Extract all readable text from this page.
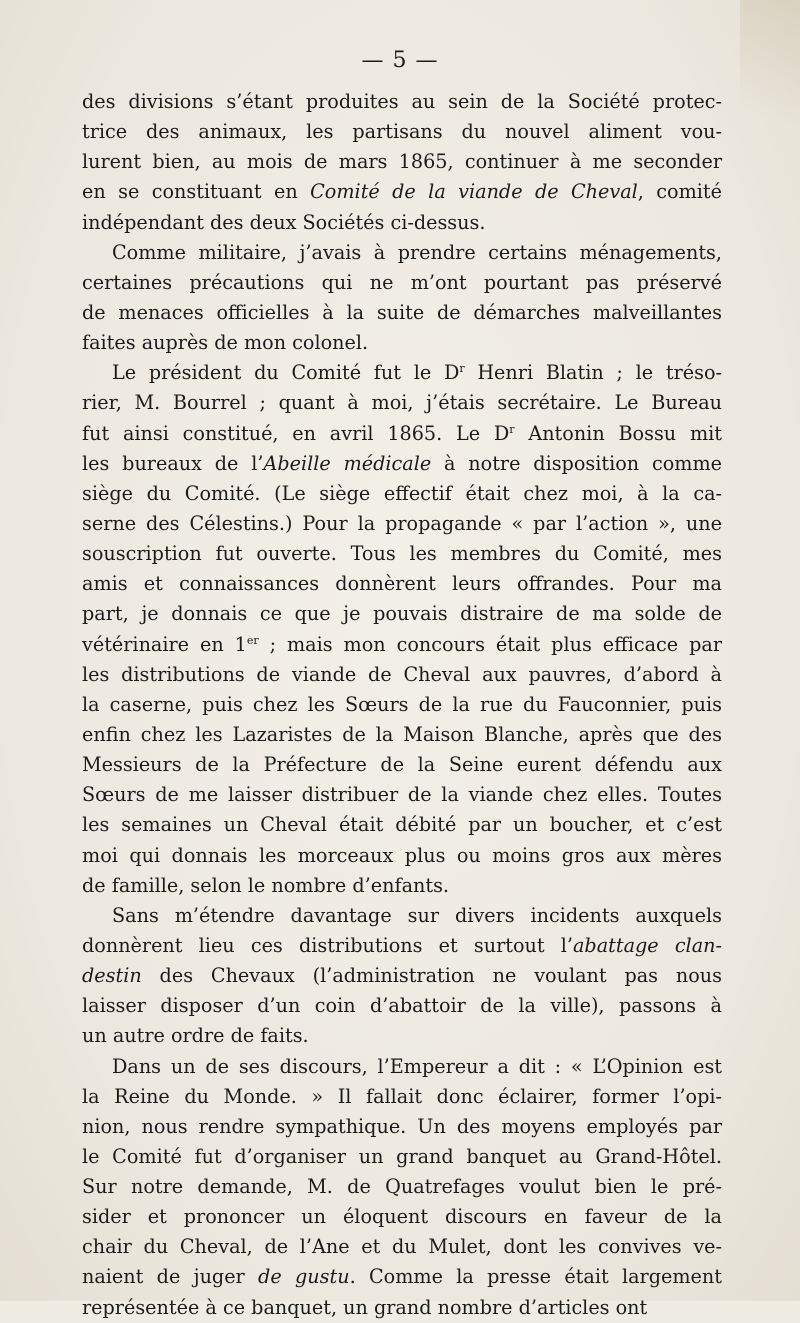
— 5 —
des divisions s’étant produites au sein de la Société protec-
trice des animaux, les partisans du nouvel aliment vou-
lurent bien, au mois de mars 1865, continuer à me seconder
en se constituant en Comité de la viande de Cheval, comité
indépendant des deux Sociétés ci-dessus.
Comme militaire, j’avais à prendre certains ménagements,
certaines précautions qui ne m’ont pourtant pas préservé
de menaces officielles à la suite de démarches malveillantes
faites auprès de mon colonel.
Le président du Comité fut le $D^r$ Henri Blatin ; le tréso-
rier, M. Bourrel ; quant à moi, j’étais secrétaire. Le Bureau
fut ainsi constitué, en avril 1865. Le $D^r$ Antonin Bossu mit
les bureaux de l’Abeille médicale à notre disposition comme
siège du Comité. (Le siège effectif était chez moi, à la ca-
serne des Célestins.) Pour la propagande « par l’action », une
souscription fut ouverte. Tous les membres du Comité, mes
amis et connaissances donnèrent leurs offrandes. Pour ma
part, je donnais ce que je pouvais distraire de ma solde de
vétérinaire en 1er ; mais mon concours était plus efficace par
les distributions de viande de Cheval aux pauvres, d’abord à
la caserne, puis chez les Sœurs de la rue du Fauconnier, puis
enfin chez les Lazaristes de la Maison Blanche, après que des
Messieurs de la Préfecture de la Seine eurent défendu aux
Sœurs de me laisser distribuer de la viande chez elles. Toutes
les semaines un Cheval était débité par un boucher, et c’est
moi qui donnais les morceaux plus ou moins gros aux mères
de famille, selon le nombre d’enfants.
Sans m’étendre davantage sur divers incidents auxquels
donnèrent lieu ces distributions et surtout l’abattage clan-
destin des Chevaux (l’administration ne voulant pas nous
laisser disposer d’un coin d’abattoir de la ville), passons à
un autre ordre de faits.
Dans un de ses discours, l’Empereur a dit : « L’Opinion est
la Reine du Monde. » Il fallait donc éclairer, former l’opi-
nion, nous rendre sympathique. Un des moyens employés par
le Comité fut d’organiser un grand banquet au Grand-Hôtel.
Sur notre demande, M. de Quatrefages voulut bien le pré-
sider et prononcer un éloquent discours en faveur de la
chair du Cheval, de l’Ane et du Mulet, dont les convives ve-
naient de juger de gustu. Comme la presse était largement
représentée à ce banquet, un grand nombre d’articles ont
